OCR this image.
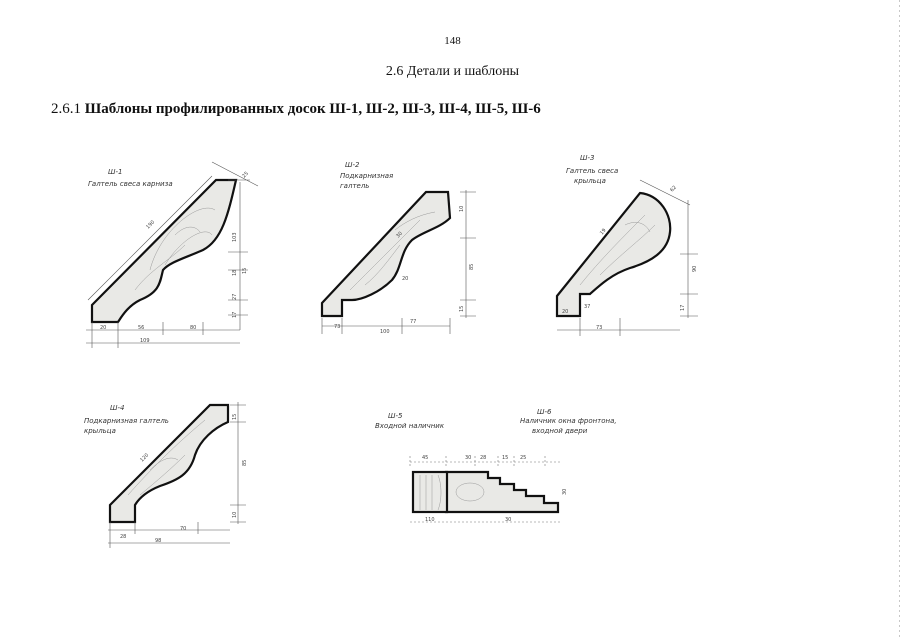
148
2.6 Детали и шаблоны
2.6.1 Шаблоны профилированных досок Ш-1, Ш-2, Ш-3, Ш-4, Ш-5, Ш-6
Ш-1
Галтель свеса карниза
190
25
103
15
18
27
17
20	56	80
109
Ш-2
Подкарнизная
галтель
30
85
15
73
100
77
10
20
Ш-3
Галтель свеса
крыльца
19
62
90
20
37	17
73
Ш-4
Подкарнизная галтель
крыльца
15
120	85
10
28
70
98
Ш-5
Входной наличник
Ш-6
Наличник окна фронтона,
входной двери
45	30 28	15 25
110	30
30
